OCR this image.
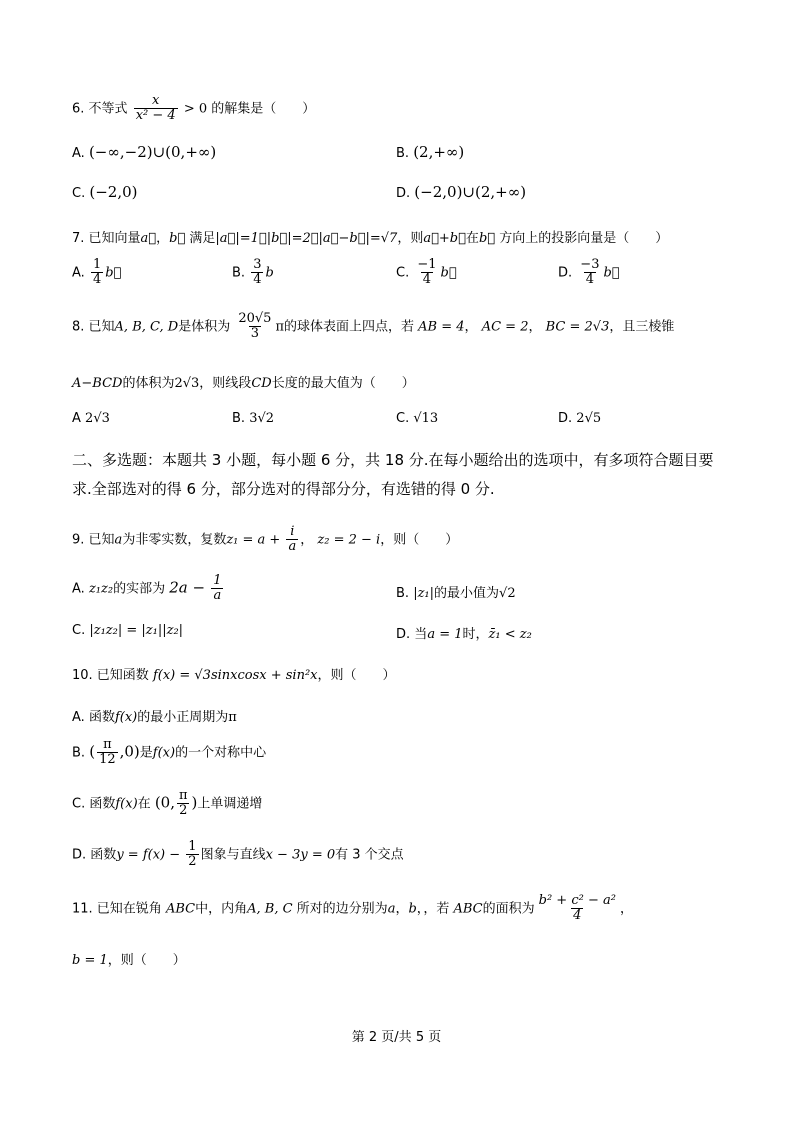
6. 不等式 $\frac{x}{\text{x² − 4}} > 0$ 的解集是（　　）
A. (−∞,−2)∪(0,+∞)	B. (2,+∞)
C. (−2,0)	D. (−2,0)∪(2,+∞)
7. 已知向量a⃗，b⃗ 满足|a⃗|=1，|b⃗|=2，|a⃗−b⃗|=√7，则a⃗+b⃗在b⃗ 方向上的投影向量是（　　）
A. $\frac{1}{4}$ b⃗	B. $\frac{3}{4}$ b	C. $\frac{-1}{4}$ b⃗	D. $\frac{-3}{4}$ b⃗
8. 已知A, B, C, D是体积为 $\frac{20√5}{3}$ π的球体表面上四点，若 AB = 4， AC = 2， BC = 2√3，且三棱锥
A−BCD的体积为2√3，则线段CD长度的最大值为（　　）
A 2√3	B. 3√2	C. √13	D. 2√5
二、多选题：本题共 3 小题，每小题 6 分，共 18 分.在每小题给出的选项中，有多项符合题目要求.全部选对的得 6 分，部分选对的得部分分，有选错的得 0 分.
9. 已知a为非零实数，复数$z_1 = a + \frac{i}{a}$ ， z₂ = 2 − i，则（　　）
A. z₁z₂的实部为 $2a - \frac{1}{a}$	B. |z₁|的最小值为√2
C. |z₁z₂| = |z₁||z₂|	D. 当a = 1时，z̄₁ < z₂
10. 已知函数 f(x) = √3sinxcosx + sin²x，则（　　）
A. 函数f(x)的最小正周期为π
B. ( $\frac{\pi}{12} ,0$)是f(x)的一个对称中心
C. 函数f(x)在 (0, $\frac{\pi}{2}$ )上单调递增
D. 函数$y = f(x) - \frac{1}{2}$ 图象与直线x − 3y = 0有 3 个交点
11. 已知在锐角 ABC中，内角A, B, C 所对的边分别为a，b，，若 ABC的面积为 $\frac{\text{b² + c² − a²}}{4}$ ，
b = 1，则（　　）
第 2 页/共 5 页
